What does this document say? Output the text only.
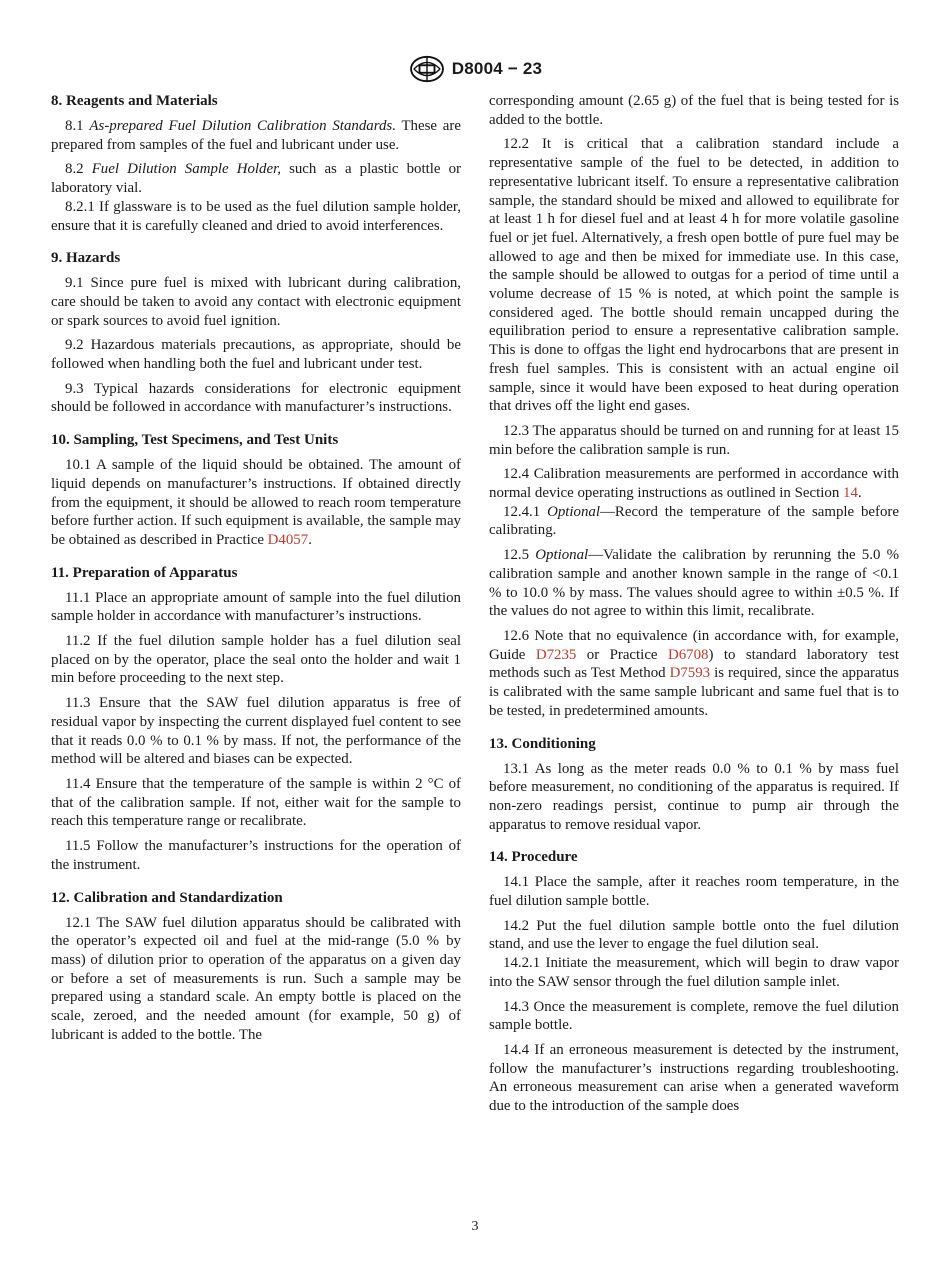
D8004 − 23
8. Reagents and Materials

8.1 As-prepared Fuel Dilution Calibration Standards. These are prepared from samples of the fuel and lubricant under use.

8.2 Fuel Dilution Sample Holder, such as a plastic bottle or laboratory vial.

8.2.1 If glassware is to be used as the fuel dilution sample holder, ensure that it is carefully cleaned and dried to avoid interferences.

9. Hazards

9.1 Since pure fuel is mixed with lubricant during calibration, care should be taken to avoid any contact with electronic equipment or spark sources to avoid fuel ignition.

9.2 Hazardous materials precautions, as appropriate, should be followed when handling both the fuel and lubricant under test.

9.3 Typical hazards considerations for electronic equipment should be followed in accordance with manufacturer’s instructions.

10. Sampling, Test Specimens, and Test Units

10.1 A sample of the liquid should be obtained. The amount of liquid depends on manufacturer’s instructions. If obtained directly from the equipment, it should be allowed to reach room temperature before further action. If such equipment is available, the sample may be obtained as described in Practice D4057.

11. Preparation of Apparatus

11.1 Place an appropriate amount of sample into the fuel dilution sample holder in accordance with manufacturer’s instructions.

11.2 If the fuel dilution sample holder has a fuel dilution seal placed on by the operator, place the seal onto the holder and wait 1 min before proceeding to the next step.

11.3 Ensure that the SAW fuel dilution apparatus is free of residual vapor by inspecting the current displayed fuel content to see that it reads 0.0 % to 0.1 % by mass. If not, the performance of the method will be altered and biases can be expected.

11.4 Ensure that the temperature of the sample is within 2 °C of that of the calibration sample. If not, either wait for the sample to reach this temperature range or recalibrate.

11.5 Follow the manufacturer’s instructions for the operation of the instrument.

12. Calibration and Standardization

12.1 The SAW fuel dilution apparatus should be calibrated with the operator’s expected oil and fuel at the mid-range (5.0 % by mass) of dilution prior to operation of the apparatus on a given day or before a set of measurements is run. Such a sample may be prepared using a standard scale. An empty bottle is placed on the scale, zeroed, and the needed amount (for example, 50 g) of lubricant is added to the bottle. The

corresponding amount (2.65 g) of the fuel that is being tested for is added to the bottle.

12.2 It is critical that a calibration standard include a representative sample of the fuel to be detected, in addition to representative lubricant itself. To ensure a representative calibration sample, the standard should be mixed and allowed to equilibrate for at least 1 h for diesel fuel and at least 4 h for more volatile gasoline fuel or jet fuel. Alternatively, a fresh open bottle of pure fuel may be allowed to age and then be mixed for immediate use. In this case, the sample should be allowed to outgas for a period of time until a volume decrease of 15 % is noted, at which point the sample is considered aged. The bottle should remain uncapped during the equilibration period to ensure a representative calibration sample. This is done to offgas the light end hydrocarbons that are present in fresh fuel samples. This is consistent with an actual engine oil sample, since it would have been exposed to heat during operation that drives off the light end gases.

12.3 The apparatus should be turned on and running for at least 15 min before the calibration sample is run.

12.4 Calibration measurements are performed in accordance with normal device operating instructions as outlined in Section 14.

12.4.1 Optional—Record the temperature of the sample before calibrating.

12.5 Optional—Validate the calibration by rerunning the 5.0 % calibration sample and another known sample in the range of <0.1 % to 10.0 % by mass. The values should agree to within ±0.5 %. If the values do not agree to within this limit, recalibrate.

12.6 Note that no equivalence (in accordance with, for example, Guide D7235 or Practice D6708) to standard laboratory test methods such as Test Method D7593 is required, since the apparatus is calibrated with the same sample lubricant and same fuel that is to be tested, in predetermined amounts.

13. Conditioning

13.1 As long as the meter reads 0.0 % to 0.1 % by mass fuel before measurement, no conditioning of the apparatus is required. If non-zero readings persist, continue to pump air through the apparatus to remove residual vapor.

14. Procedure

14.1 Place the sample, after it reaches room temperature, in the fuel dilution sample bottle.

14.2 Put the fuel dilution sample bottle onto the fuel dilution stand, and use the lever to engage the fuel dilution seal.

14.2.1 Initiate the measurement, which will begin to draw vapor into the SAW sensor through the fuel dilution sample inlet.

14.3 Once the measurement is complete, remove the fuel dilution sample bottle.

14.4 If an erroneous measurement is detected by the instrument, follow the manufacturer’s instructions regarding troubleshooting. An erroneous measurement can arise when a generated waveform due to the introduction of the sample does

3
